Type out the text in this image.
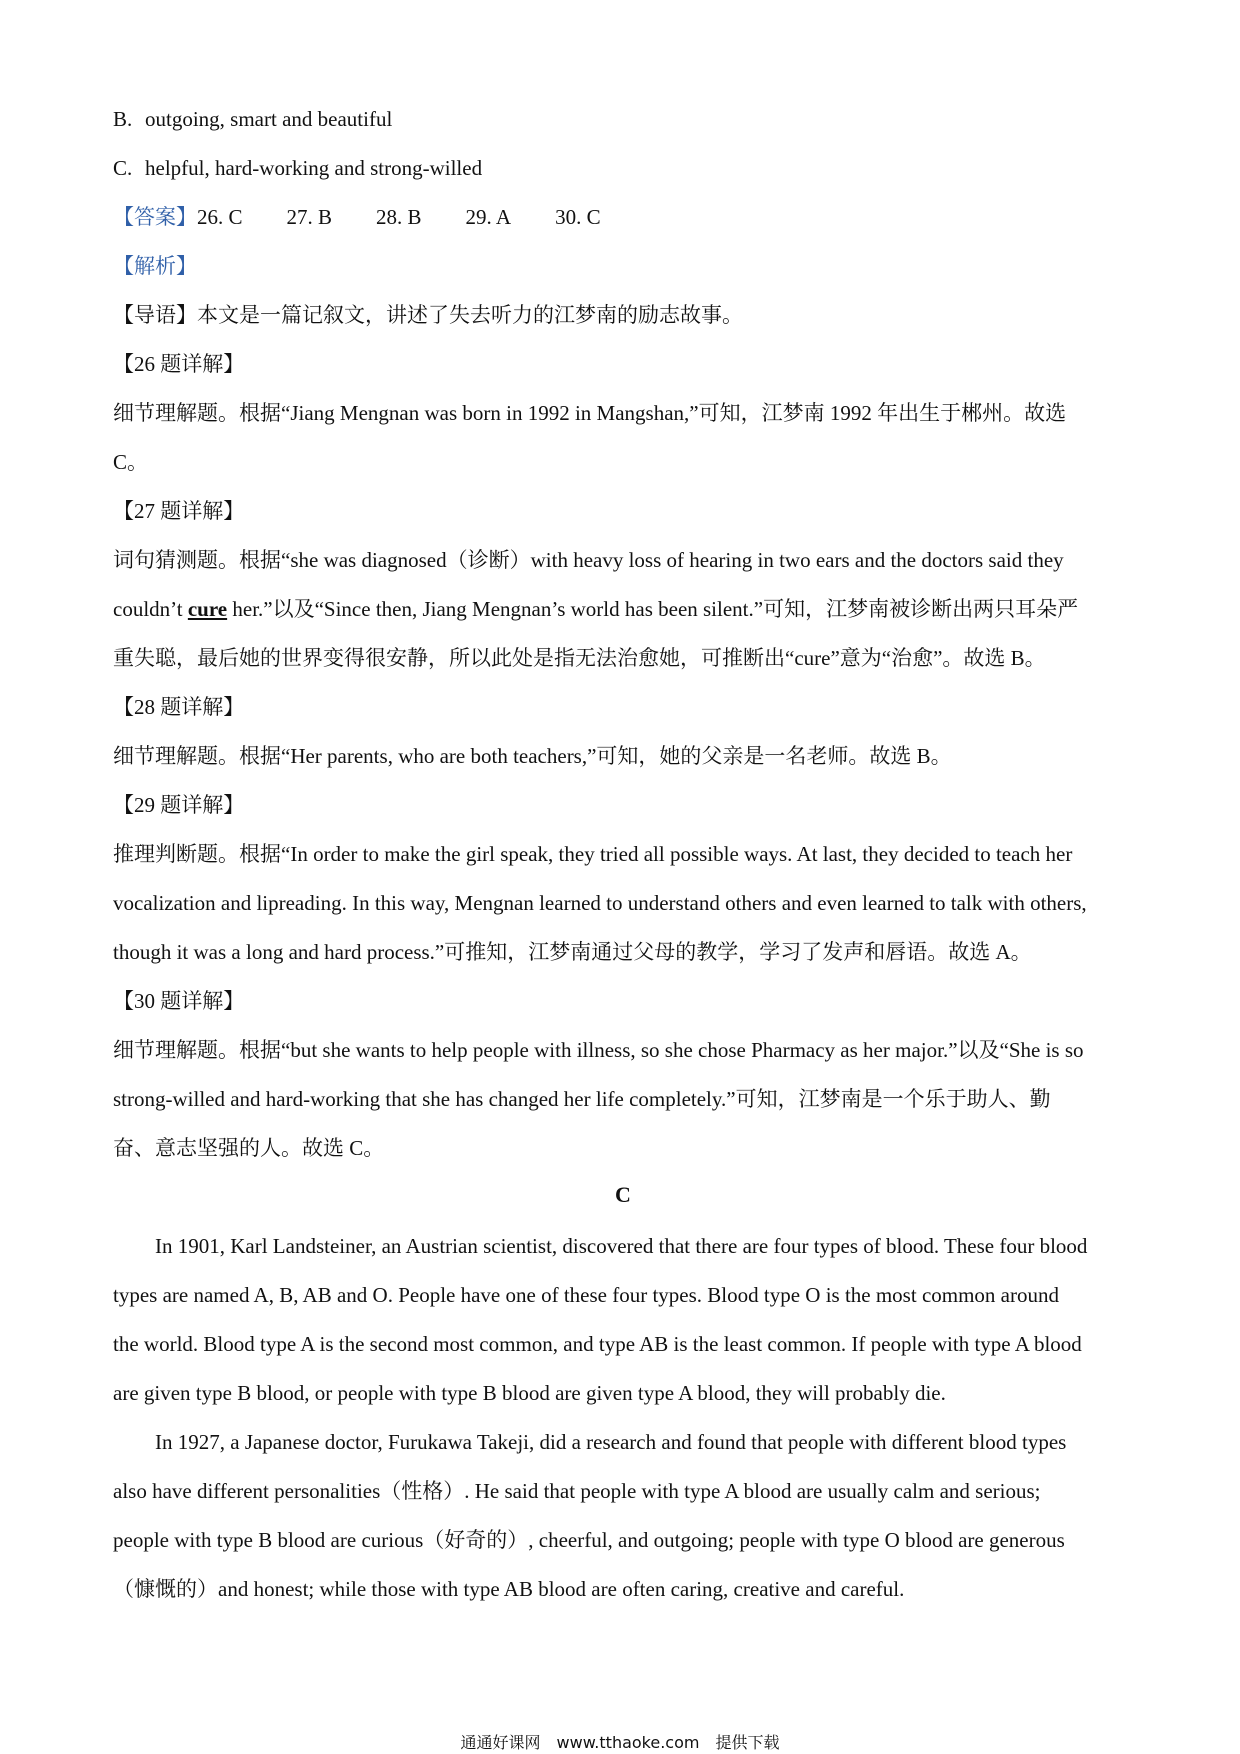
B. outgoing, smart and beautiful
C. helpful, hard-working and strong-willed
【答案】26. C 27. B 28. B 29. A 30. C
【解析】
【导语】本文是一篇记叙文，讲述了失去听力的江梦南的励志故事。
【26 题详解】
细节理解题。根据“Jiang Mengnan was born in 1992 in Mangshan,”可知，江梦南 1992 年出生于郴州。故选
C。
【27 题详解】
词句猜测题。根据“she was diagnosed（诊断）with heavy loss of hearing in two ears and the doctors said they
couldn’t cure her.”以及“Since then, Jiang Mengnan’s world has been silent.”可知，江梦南被诊断出两只耳朵严
重失聪，最后她的世界变得很安静，所以此处是指无法治愈她，可推断出“cure”意为“治愈”。故选 B。
【28 题详解】
细节理解题。根据“Her parents, who are both teachers,”可知，她的父亲是一名老师。故选 B。
【29 题详解】
推理判断题。根据“In order to make the girl speak, they tried all possible ways. At last, they decided to teach her
vocalization and lipreading. In this way, Mengnan learned to understand others and even learned to talk with others,
though it was a long and hard process.”可推知，江梦南通过父母的教学，学习了发声和唇语。故选 A。
【30 题详解】
细节理解题。根据“but she wants to help people with illness, so she chose Pharmacy as her major.”以及“She is so
strong-willed and hard-working that she has changed her life completely.”可知，江梦南是一个乐于助人、勤
奋、意志坚强的人。故选 C。
C
In 1901, Karl Landsteiner, an Austrian scientist, discovered that there are four types of blood. These four blood
types are named A, B, AB and O. People have one of these four types. Blood type O is the most common around
the world. Blood type A is the second most common, and type AB is the least common. If people with type A blood
are given type B blood, or people with type B blood are given type A blood, they will probably die.
In 1927, a Japanese doctor, Furukawa Takeji, did a research and found that people with different blood types
also have different personalities（性格）. He said that people with type A blood are usually calm and serious;
people with type B blood are curious（好奇的）, cheerful, and outgoing; people with type O blood are generous
（慷慨的）and honest; while those with type AB blood are often caring, creative and careful.
通通好课网 www.tthaoke.com 提供下载
